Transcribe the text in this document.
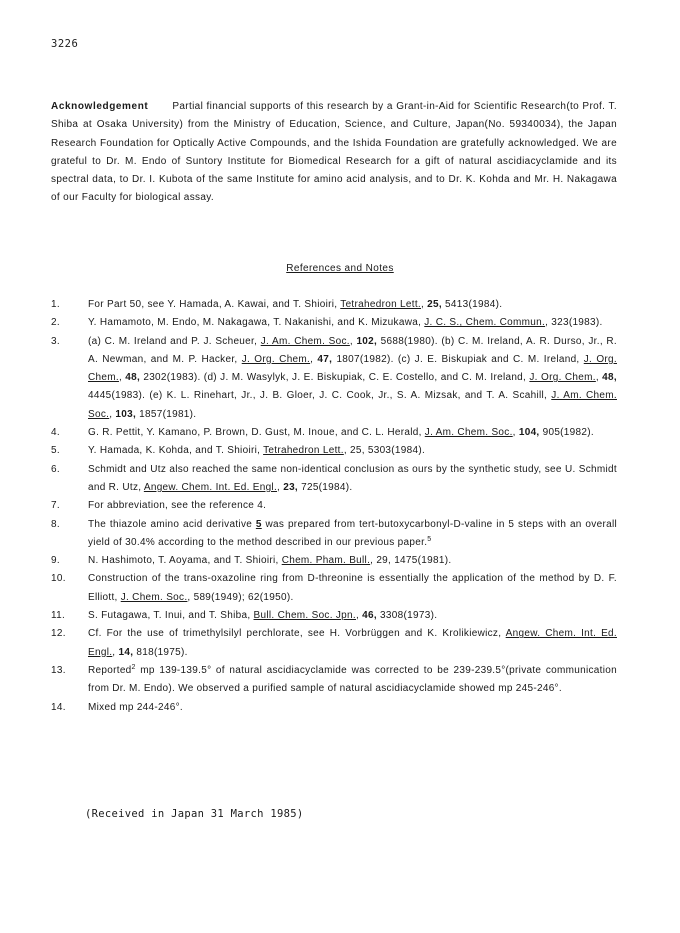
3226
Acknowledgement Partial financial supports of this research by a Grant-in-Aid for Scientific Research(to Prof. T. Shiba at Osaka University) from the Ministry of Education, Science, and Culture, Japan(No. 59340034), the Japan Research Foundation for Optically Active Compounds, and the Ishida Foundation are gratefully acknowledged. We are grateful to Dr. M. Endo of Suntory Institute for Biomedical Research for a gift of natural ascidiacyclamide and its spectral data, to Dr. I. Kubota of the same Institute for amino acid analysis, and to Dr. K. Kohda and Mr. H. Nakagawa of our Faculty for biological assay.
References and Notes
1.	For Part 50, see Y. Hamada, A. Kawai, and T. Shioiri, Tetrahedron Lett., 25, 5413(1984).
2.	Y. Hamamoto, M. Endo, M. Nakagawa, T. Nakanishi, and K. Mizukawa, J. C. S., Chem. Commun., 323(1983).
3.	(a) C. M. Ireland and P. J. Scheuer, J. Am. Chem. Soc., 102, 5688(1980). (b) C. M. Ireland, A. R. Durso, Jr., R. A. Newman, and M. P. Hacker, J. Org. Chem., 47, 1807(1982). (c) J. E. Biskupiak and C. M. Ireland, J. Org. Chem., 48, 2302(1983). (d) J. M. Wasylyk, J. E. Biskupiak, C. E. Costello, and C. M. Ireland, J. Org. Chem., 48, 4445(1983). (e) K. L. Rinehart, Jr., J. B. Gloer, J. C. Cook, Jr., S. A. Mizsak, and T. A. Scahill, J. Am. Chem. Soc., 103, 1857(1981).
4.	G. R. Pettit, Y. Kamano, P. Brown, D. Gust, M. Inoue, and C. L. Herald, J. Am. Chem. Soc., 104, 905(1982).
5.	Y. Hamada, K. Kohda, and T. Shioiri, Tetrahedron Lett., 25, 5303(1984).
6.	Schmidt and Utz also reached the same non-identical conclusion as ours by the synthetic study, see U. Schmidt and R. Utz, Angew. Chem. Int. Ed. Engl., 23, 725(1984).
7.	For abbreviation, see the reference 4.
8.	The thiazole amino acid derivative 5 was prepared from tert-butoxycarbonyl-D-valine in 5 steps with an overall yield of 30.4% according to the method described in our previous paper.$^5$
9.	N. Hashimoto, T. Aoyama, and T. Shioiri, Chem. Pham. Bull., 29, 1475(1981).
10.	Construction of the trans-oxazoline ring from D-threonine is essentially the application of the method by D. F. Elliott, J. Chem. Soc., 589(1949); 62(1950).
11.	S. Futagawa, T. Inui, and T. Shiba, Bull. Chem. Soc. Jpn., 46, 3308(1973).
12.	Cf. For the use of trimethylsilyl perchlorate, see H. Vorbrüggen and K. Krolikiewicz, Angew. Chem. Int. Ed. Engl., 14, 818(1975).
13.	Reported$^2$ mp 139-139.5° of natural ascidiacyclamide was corrected to be 239-239.5°(private communication from Dr. M. Endo). We observed a purified sample of natural ascidiacyclamide showed mp 245-246°.
14.	Mixed mp 244-246°.
(Received in Japan 31 March 1985)
